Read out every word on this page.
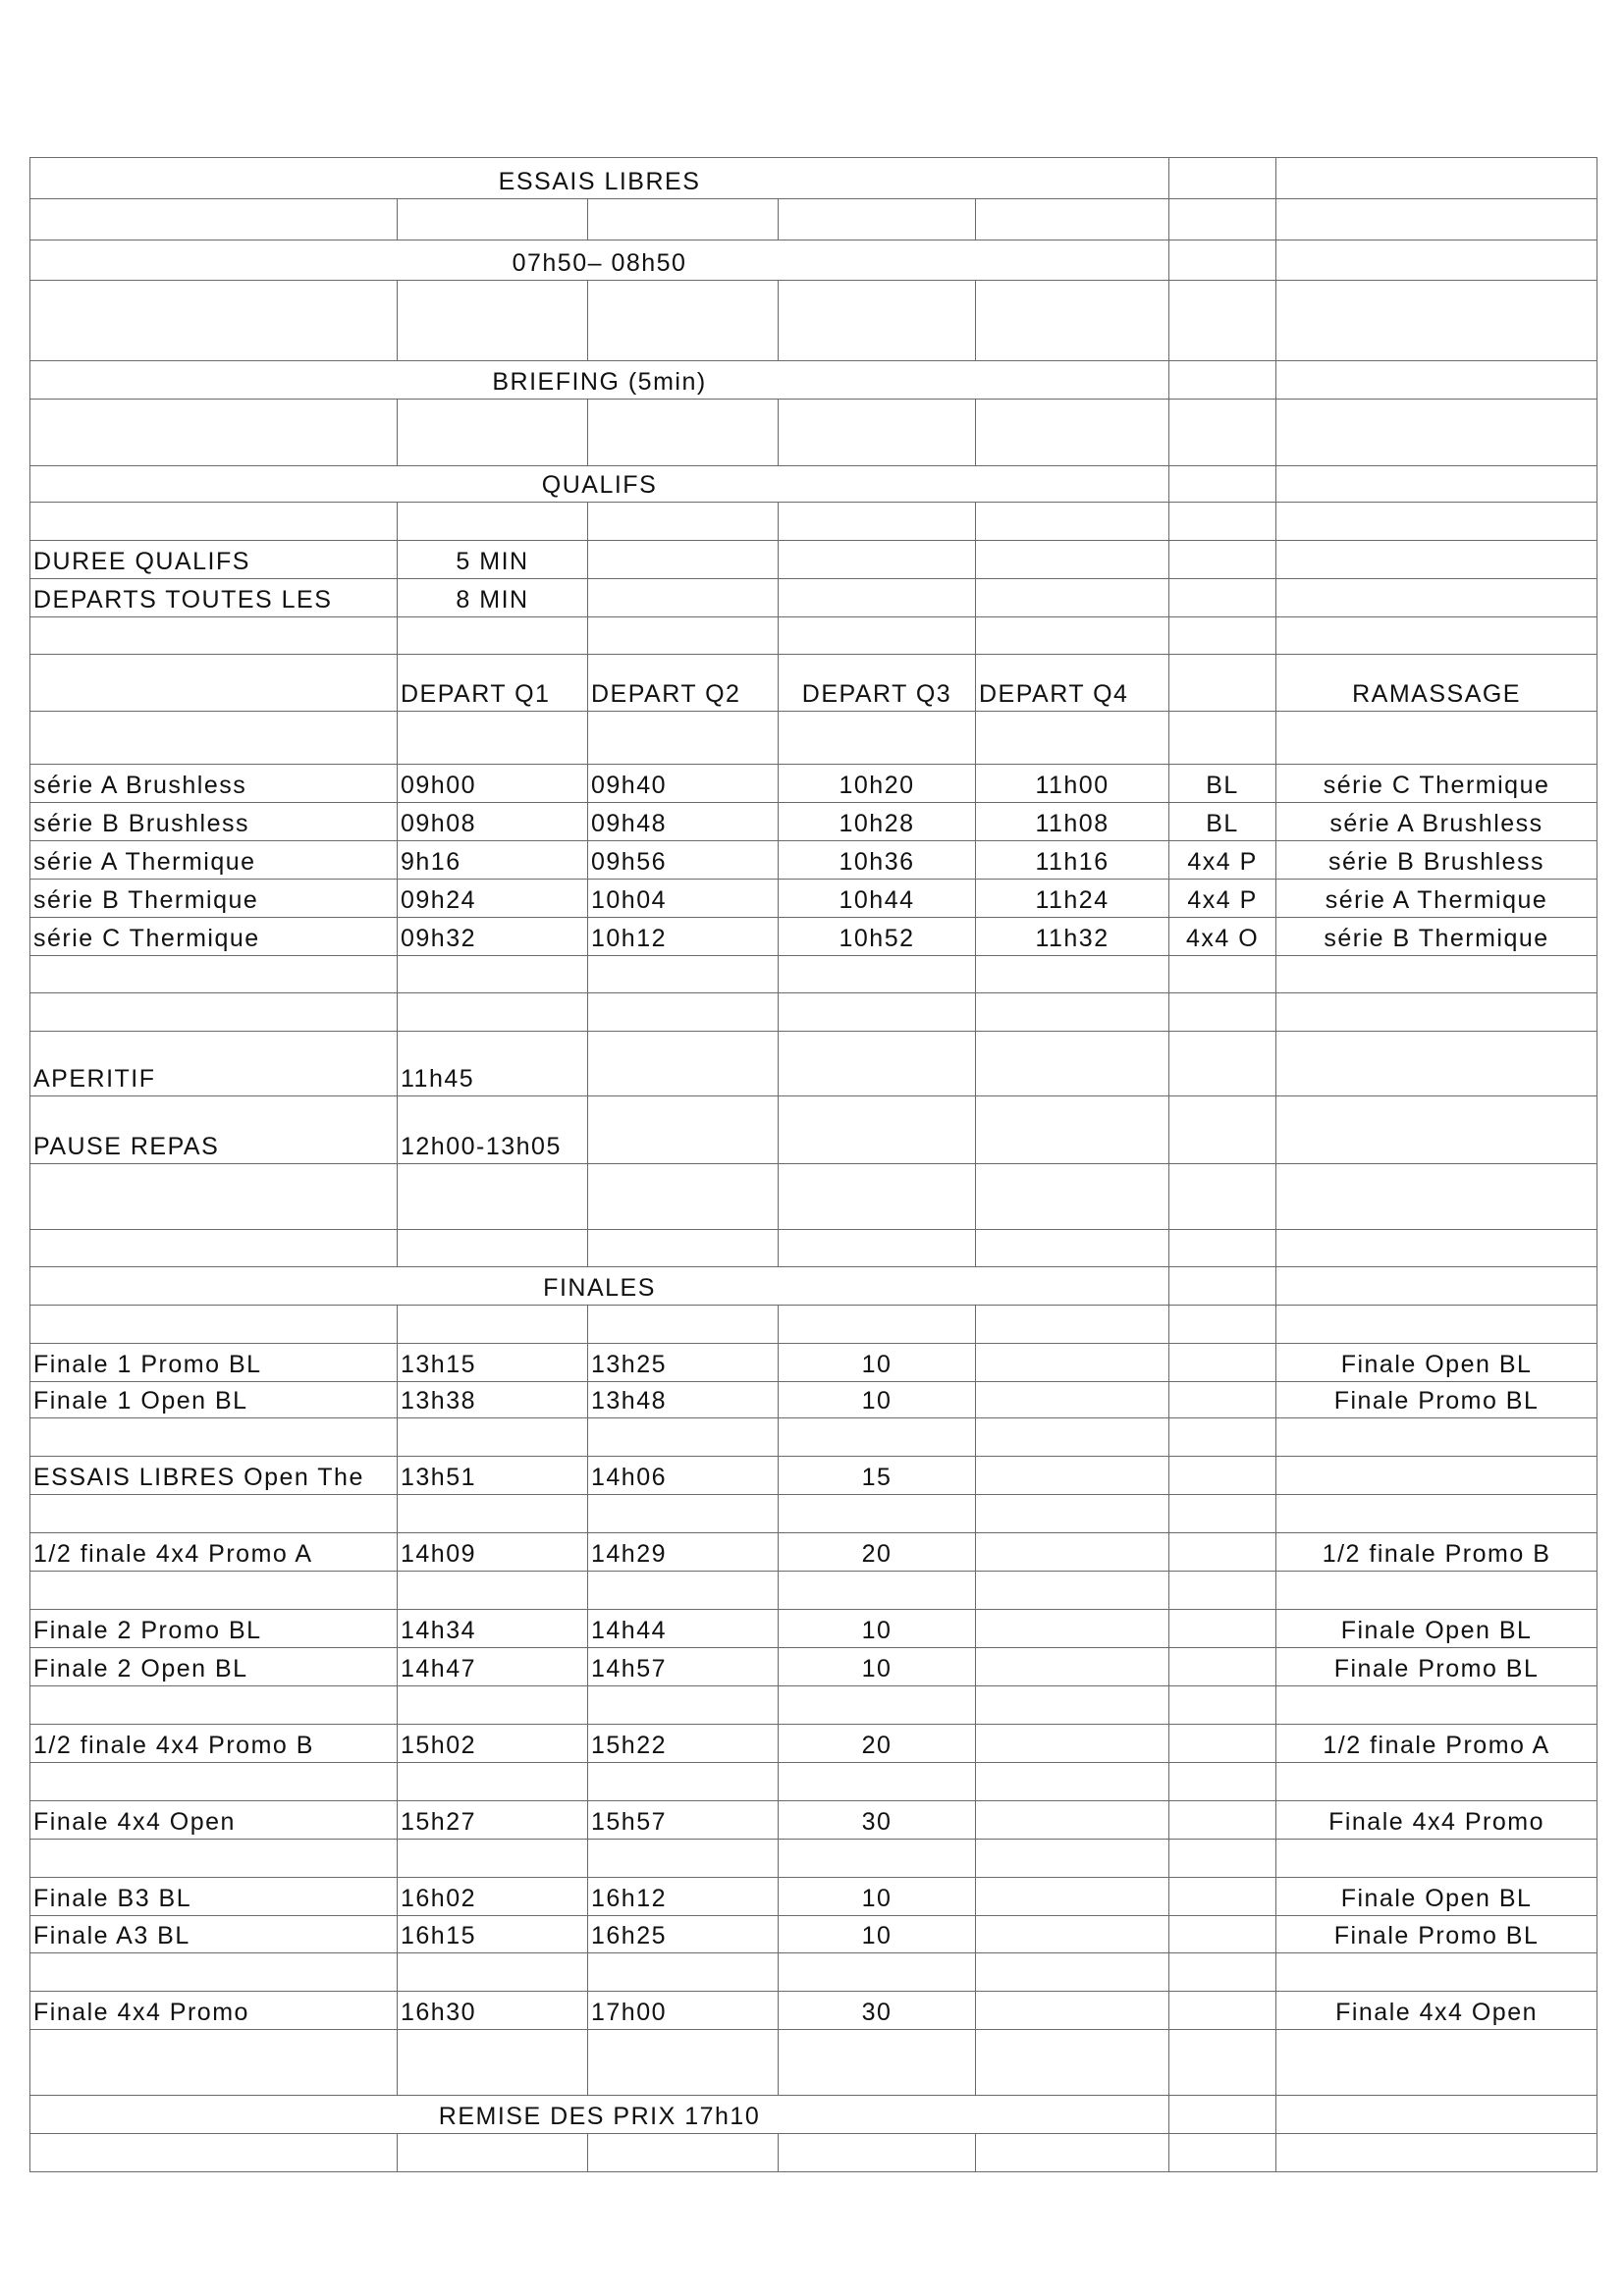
ESSAIS LIBRES						

07h50– 08h50						

BRIEFING (5min)						

QUALIFS						

DUREE QUALIFS	5 MIN					
DEPARTS TOUTES LES	8 MIN					

	DEPART Q1	DEPART Q2	DEPART Q3	DEPART Q4		RAMASSAGE

série A Brushless	09h00	09h40	10h20	11h00	BL	série C Thermique
série B Brushless	09h08	09h48	10h28	11h08	BL	série A Brushless
série A Thermique	9h16	09h56	10h36	11h16	4x4 P	série B Brushless
série B Thermique	09h24	10h04	10h44	11h24	4x4 P	série A Thermique
série C Thermique	09h32	10h12	10h52	11h32	4x4 O	série B Thermique

APERITIF	11h45					
PAUSE REPAS	12h00-13h05					

FINALES						

Finale 1 Promo BL	13h15	13h25	10			Finale Open BL
Finale 1 Open BL	13h38	13h48	10			Finale Promo BL

ESSAIS LIBRES Open The	13h51	14h06	15			

1/2 finale 4x4 Promo A	14h09	14h29	20			1/2 finale Promo B

Finale 2 Promo BL	14h34	14h44	10			Finale Open BL
Finale 2 Open BL	14h47	14h57	10			Finale Promo BL

1/2 finale 4x4 Promo B	15h02	15h22	20			1/2 finale Promo A

Finale 4x4 Open	15h27	15h57	30			Finale 4x4 Promo

Finale B3 BL	16h02	16h12	10			Finale Open BL
Finale A3 BL	16h15	16h25	10			Finale Promo BL

Finale 4x4 Promo	16h30	17h00	30			Finale 4x4 Open

REMISE DES PRIX 17h10						
